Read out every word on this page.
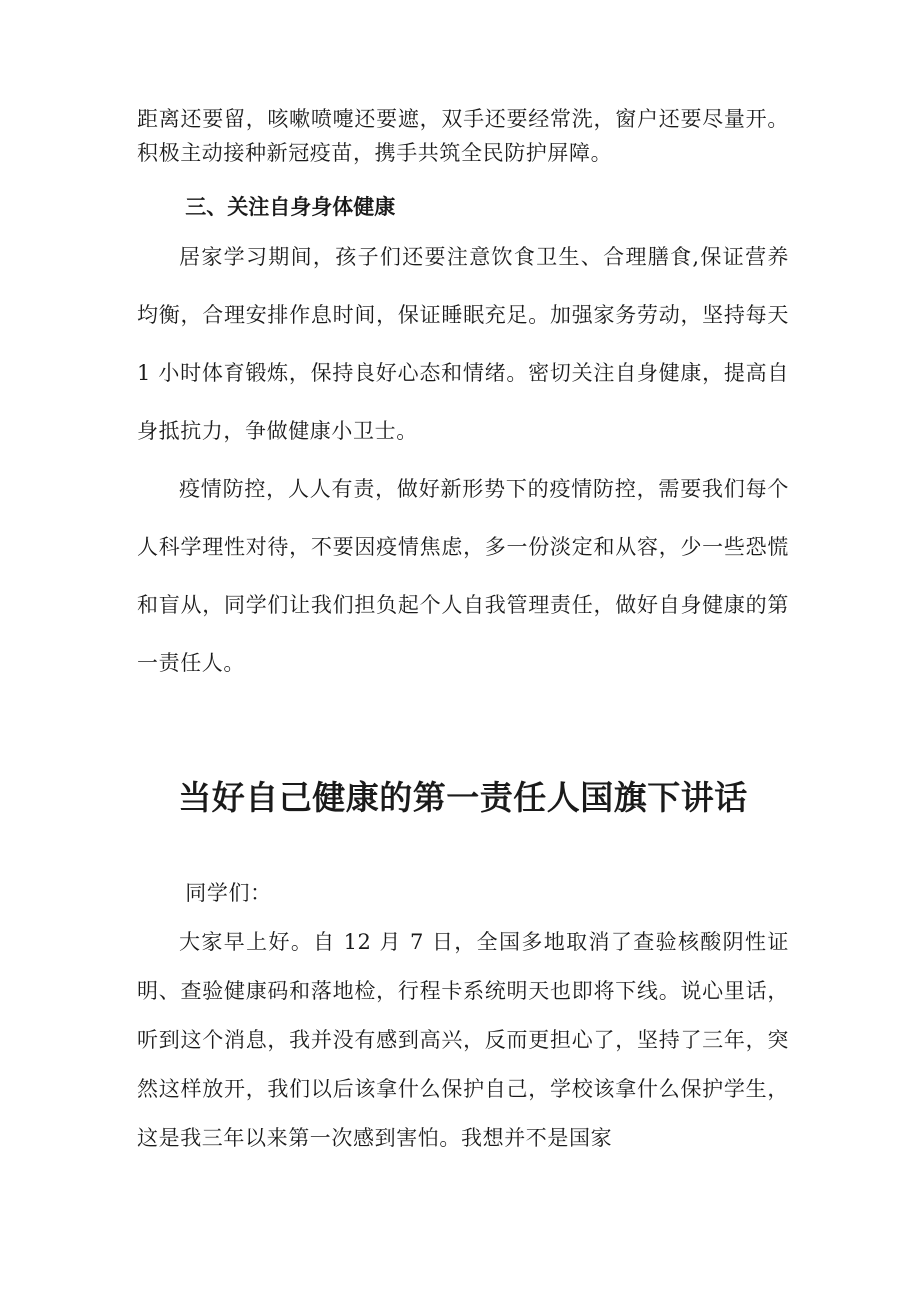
距离还要留，咳嗽喷嚏还要遮，双手还要经常洗，窗户还要尽量开。积极主动接种新冠疫苗，携手共筑全民防护屏障。

三、关注自身身体健康

居家学习期间，孩子们还要注意饮食卫生、合理膳食,保证营养均衡，合理安排作息时间，保证睡眠充足。加强家务劳动，坚持每天 1 小时体育锻炼，保持良好心态和情绪。密切关注自身健康，提高自身抵抗力，争做健康小卫士。

疫情防控，人人有责，做好新形势下的疫情防控，需要我们每个人科学理性对待，不要因疫情焦虑，多一份淡定和从容，少一些恐慌和盲从，同学们让我们担负起个人自我管理责任，做好自身健康的第一责任人。

当好自己健康的第一责任人国旗下讲话

同学们：

大家早上好。自 12 月 7 日，全国多地取消了查验核酸阴性证明、查验健康码和落地检，行程卡系统明天也即将下线。说心里话，听到这个消息，我并没有感到高兴，反而更担心了，坚持了三年，突然这样放开，我们以后该拿什么保护自己，学校该拿什么保护学生，这是我三年以来第一次感到害怕。我想并不是国家
